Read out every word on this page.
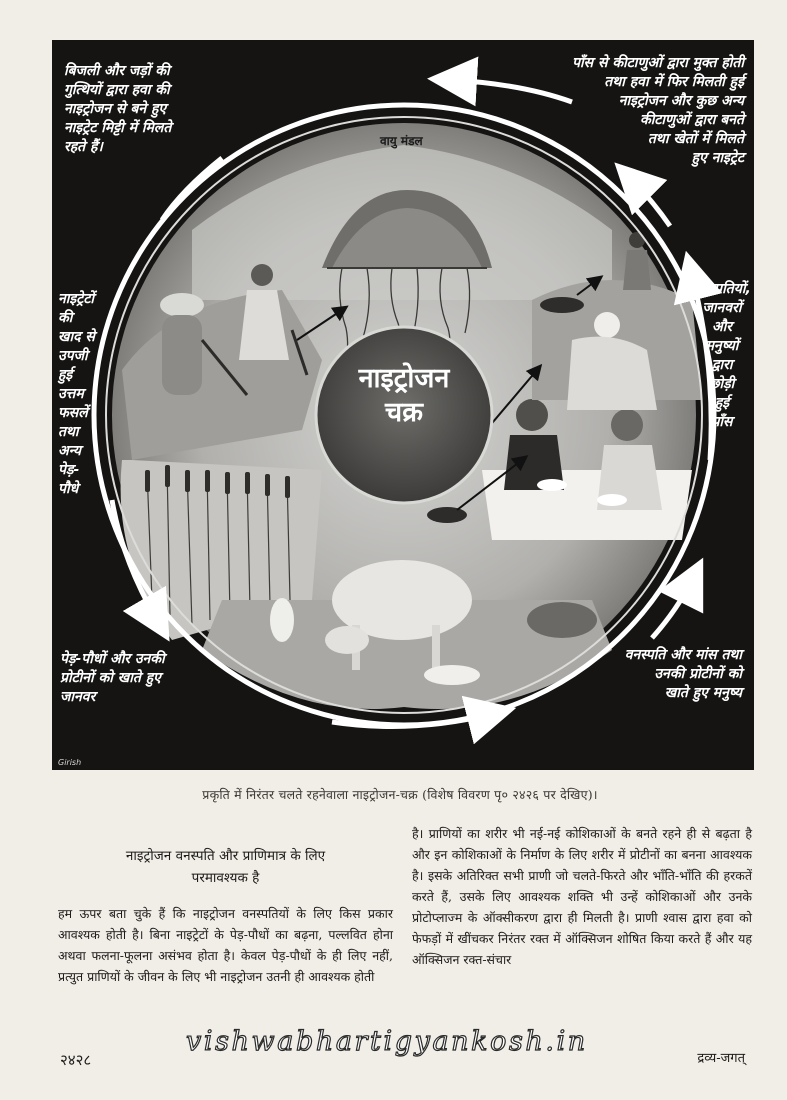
नाइट्रोजन
चक्र
वायु मंडल
Girish
बिजली और जड़ों की
गुत्थियों द्वारा हवा की
नाइट्रोजन से बने हुए
नाइट्रेट मिट्टी में मिलते
रहते हैं।
पाँस से कीटाणुओं द्वारा मुक्त होती
तथा हवा में फिर मिलती हुई
नाइट्रोजन और कुछ अन्य
कीटाणुओं द्वारा बनते
तथा खेतों में मिलते
हुए नाइट्रेट
नाइट्रेटों
की
खाद से
उपजी
हुई
उत्तम
फसलें
तथा
अन्य
पेड़-
पौधे
वनस्पतियों,
जानवरों
और
मनुष्यों
द्वारा
छोड़ी
हुई
पाँस
पेड़-पौधों और उनकी
प्रोटीनों को खाते हुए
जानवर
वनस्पति और मांस तथा
उनकी प्रोटीनों को
खाते हुए मनुष्य
प्रकृति में निरंतर चलते रहनेवाला नाइट्रोजन-चक्र (विशेष विवरण पृ० २४२६ पर देखिए)।
नाइट्रोजन वनस्पति और प्राणिमात्र के लिए
परमावश्यक है

हम ऊपर बता चुके हैं कि नाइट्रोजन वनस्पतियों के लिए किस प्रकार आवश्यक होती है। बिना नाइट्रेटों के पेड़-पौधों का बढ़ना, पल्लवित होना अथवा फलना-फूलना असंभव होता है। केवल पेड़-पौधों के ही लिए नहीं, प्रत्युत प्राणियों के जीवन के लिए भी नाइट्रोजन उतनी ही आवश्यक होती

है। प्राणियों का शरीर भी नई-नई कोशिकाओं के बनते रहने ही से बढ़ता है और इन कोशिकाओं के निर्माण के लिए शरीर में प्रोटीनों का बनना आवश्यक है। इसके अतिरिक्त सभी प्राणी जो चलते-फिरते और भाँति-भाँति की हरकतें करते हैं, उसके लिए आवश्यक शक्ति भी उन्हें कोशिकाओं और उनके प्रोटोप्लाज्म के ऑक्सीकरण द्वारा ही मिलती है। प्राणी श्वास द्वारा हवा को फेफड़ों में खींचकर निरंतर रक्त में ऑक्सिजन शोषित किया करते हैं और यह ऑक्सिजन रक्त-संचार

vishwabhartigyankosh.in
२४२८	द्रव्य-जगत्
